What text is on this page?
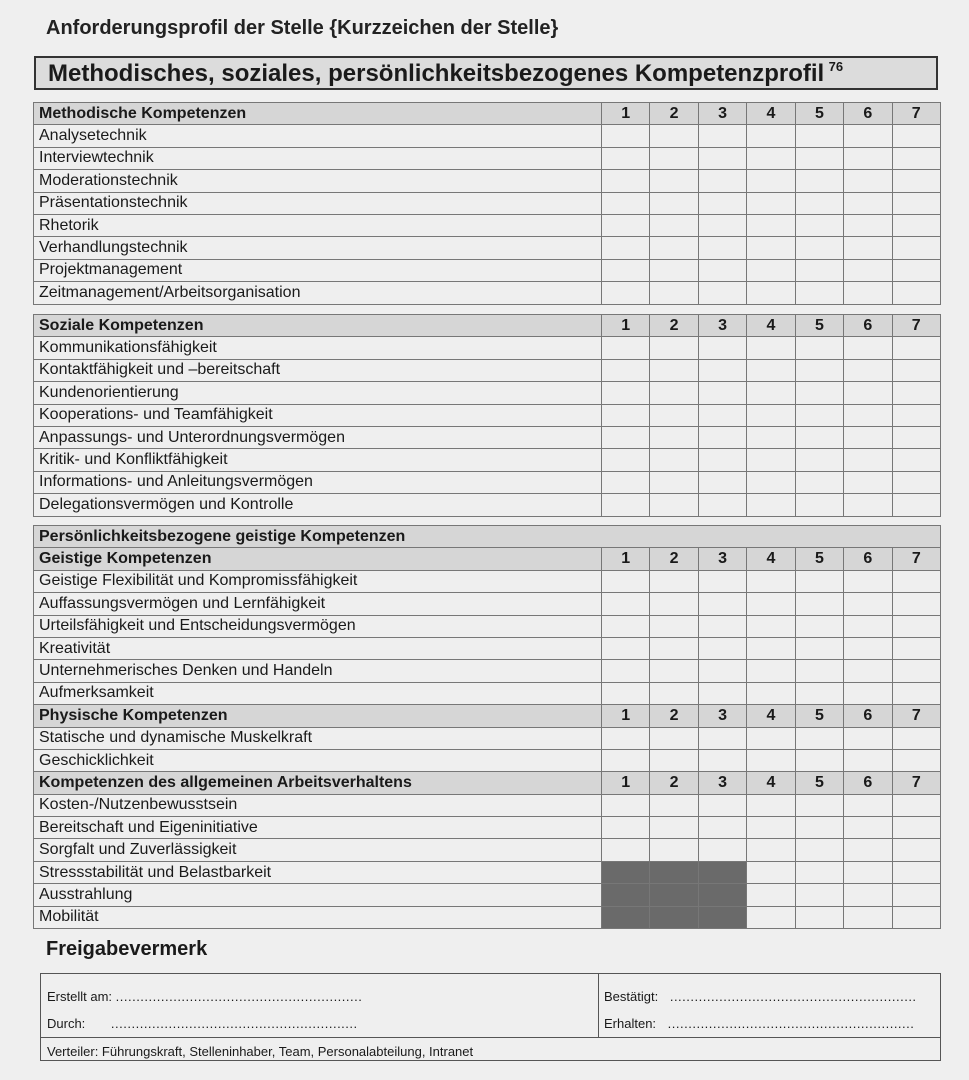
Anforderungsprofil der Stelle {Kurzzeichen der Stelle}
Methodisches, soziales, persönlichkeitsbezogenes Kompetenzprofil $^{76}$
Methodische Kompetenzen	1	2	3	4	5	6	7
Analysetechnik							
Interviewtechnik							
Moderationstechnik							
Präsentationstechnik							
Rhetorik							
Verhandlungstechnik							
Projektmanagement							
Zeitmanagement/Arbeitsorganisation							
Soziale Kompetenzen	1	2	3	4	5	6	7
Kommunikationsfähigkeit							
Kontaktfähigkeit und –bereitschaft							
Kundenorientierung							
Kooperations- und Teamfähigkeit							
Anpassungs- und Unterordnungsvermögen							
Kritik- und Konfliktfähigkeit							
Informations- und Anleitungsvermögen							
Delegationsvermögen und Kontrolle							
Persönlichkeitsbezogene geistige Kompetenzen							
Geistige Kompetenzen	1	2	3	4	5	6	7
Geistige Flexibilität und Kompromissfähigkeit							
Auffassungsvermögen und Lernfähigkeit							
Urteilsfähigkeit und Entscheidungsvermögen							
Kreativität							
Unternehmerisches Denken und Handeln							
Aufmerksamkeit							
Physische Kompetenzen	1	2	3	4	5	6	7
Statische und dynamische Muskelkraft							
Geschicklichkeit							
Kompetenzen des allgemeinen Arbeitsverhaltens	1	2	3	4	5	6	7
Kosten-/Nutzenbewusstsein							
Bereitschaft und Eigeninitiative							
Sorgfalt und Zuverlässigkeit							
Stressstabilität und Belastbarkeit							
Ausstrahlung							
Mobilität							
Freigabevermerk
Erstellt am: ............................................................
Durch: ............................................................
Bestätigt: ............................................................
Erhalten: ............................................................
Verteiler: Führungskraft, Stelleninhaber, Team, Personalabteilung, Intranet
